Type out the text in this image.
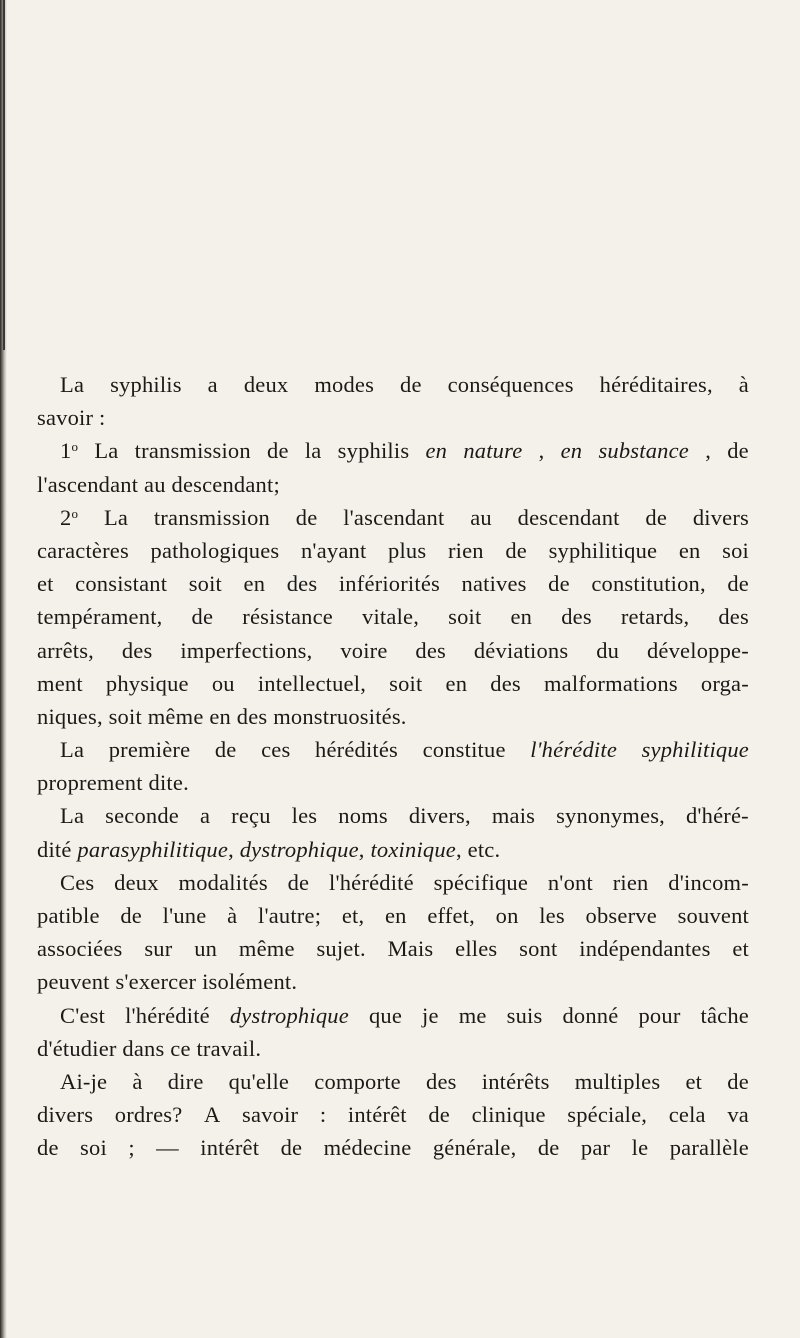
La syphilis a deux modes de conséquences héréditaires, à
savoir :
1$^o$ La transmission de la syphilis en nature , en substance , de
l'ascendant au descendant;
2$^o$ La transmission de l'ascendant au descendant de divers
caractères pathologiques n'ayant plus rien de syphilitique en soi
et consistant soit en des infériorités natives de constitution, de
tempérament, de résistance vitale, soit en des retards, des
arrêts, des imperfections, voire des déviations du développe-
ment physique ou intellectuel, soit en des malformations orga-
niques, soit même en des monstruosités.
La première de ces hérédités constitue l'hérédite syphilitique
proprement dite.
La seconde a reçu les noms divers, mais synonymes, d'héré-
dité parasyphilitique, dystrophique, toxinique, etc.
Ces deux modalités de l'hérédité spécifique n'ont rien d'incom-
patible de l'une à l'autre; et, en effet, on les observe souvent
associées sur un même sujet. Mais elles sont indépendantes et
peuvent s'exercer isolément.
C'est l'hérédité dystrophique que je me suis donné pour tâche
d'étudier dans ce travail.
Ai-je à dire qu'elle comporte des intérêts multiples et de
divers ordres? A savoir : intérêt de clinique spéciale, cela va
de soi ; — intérêt de médecine générale, de par le parallèle
